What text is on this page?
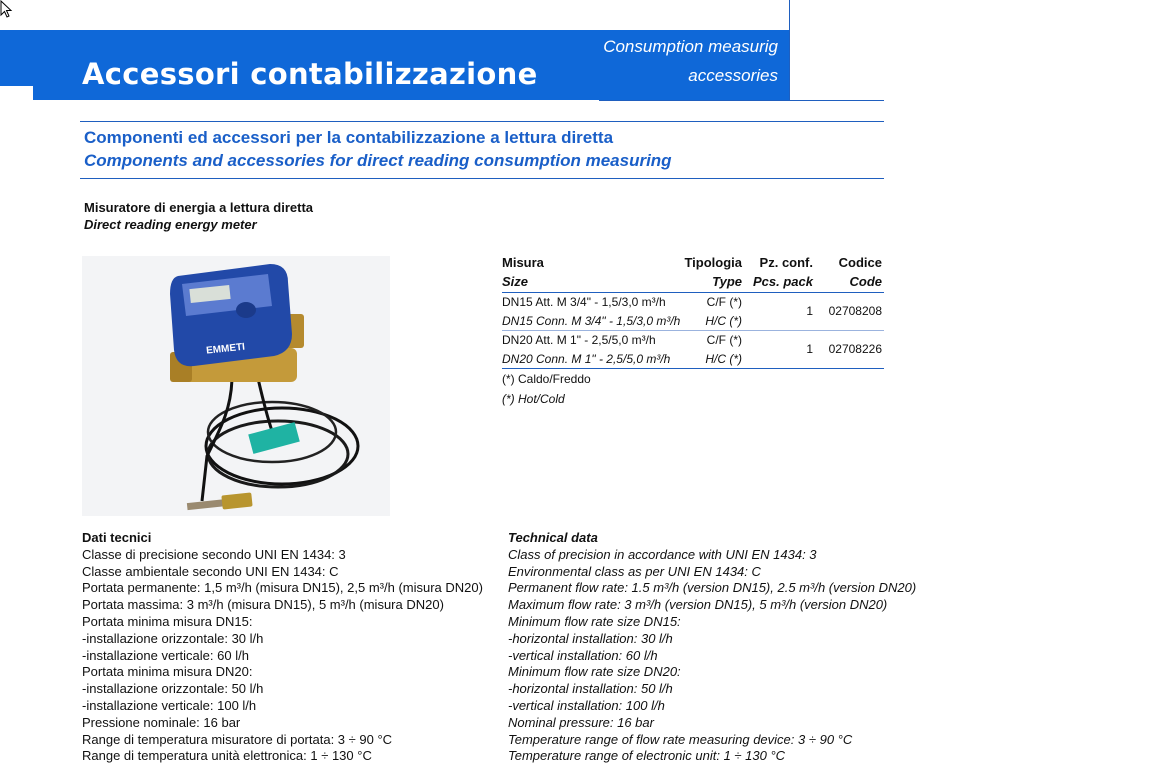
Accessori contabilizzazione
Consumption measurig
accessories
Componenti ed accessori per la contabilizzazione a lettura diretta
Components and accessories for direct reading consumption measuring
Misuratore di energia a lettura diretta
Direct reading energy meter
EMMETI
Misura
Size
Tipologia
Type
Pz. conf.
Pcs. pack
Codice
Code
DN15 Att. M 3/4" - 1,5/3,0 m³/h
DN15 Conn. M 3/4" - 1,5/3,0 m³/h
C/F (*)
H/C (*)
1 02708208
DN20 Att. M 1" - 2,5/5,0 m³/h
DN20 Conn. M 1" - 2,5/5,0 m³/h
C/F (*)
H/C (*)
1 02708226
(*) Caldo/Freddo
(*) Hot/Cold
Dati tecnici
Classe di precisione secondo UNI EN 1434: 3
Classe ambientale secondo UNI EN 1434: C
Portata permanente: 1,5 m³/h (misura DN15), 2,5 m³/h (misura DN20)
Portata massima: 3 m³/h (misura DN15), 5 m³/h (misura DN20)
Portata minima misura DN15:
-installazione orizzontale: 30 l/h
-installazione verticale: 60 l/h
Portata minima misura DN20:
-installazione orizzontale: 50 l/h
-installazione verticale: 100 l/h
Pressione nominale: 16 bar
Range di temperatura misuratore di portata: 3 ÷ 90 °C
Range di temperatura unità elettronica: 1 ÷ 130 °C
Technical data
Class of precision in accordance with UNI EN 1434: 3
Environmental class as per UNI EN 1434: C
Permanent flow rate: 1.5 m³/h (version DN15), 2.5 m³/h (version DN20)
Maximum flow rate: 3 m³/h (version DN15), 5 m³/h (version DN20)
Minimum flow rate size DN15:
-horizontal installation: 30 l/h
-vertical installation: 60 l/h
Minimum flow rate size DN20:
-horizontal installation: 50 l/h
-vertical installation: 100 l/h
Nominal pressure: 16 bar
Temperature range of flow rate measuring device: 3 ÷ 90 °C
Temperature range of electronic unit: 1 ÷ 130 °C
